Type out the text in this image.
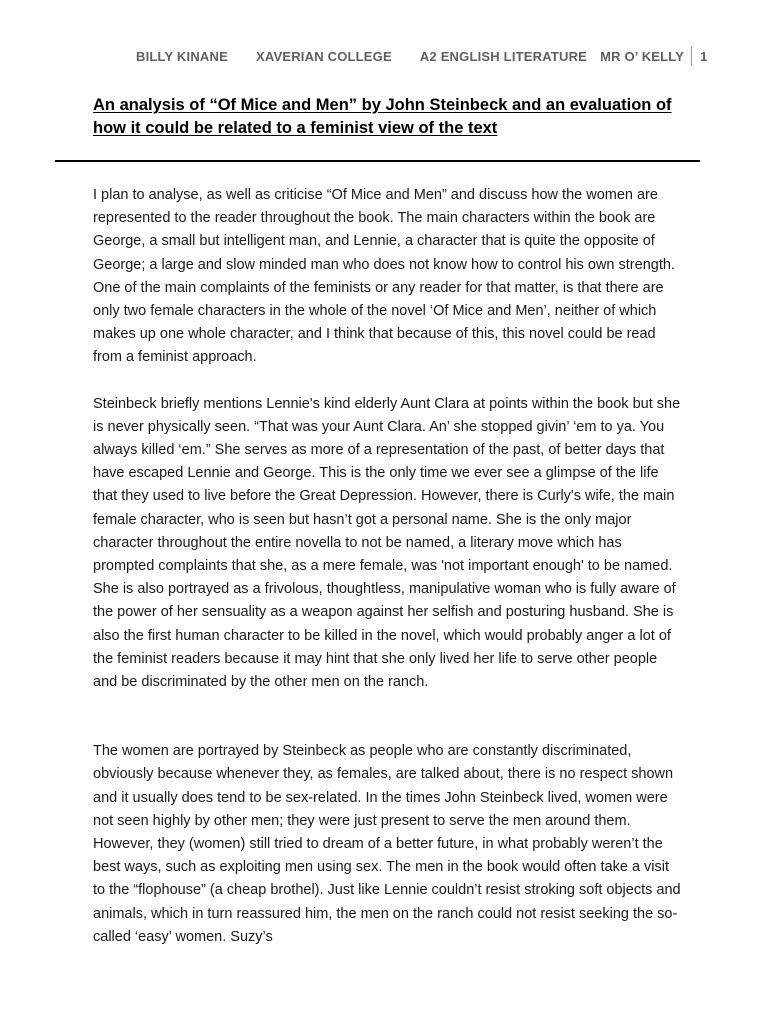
BILLY KINANE XAVERIAN COLLEGE A2 ENGLISH LITERATURE MR O’ KELLY 1
An analysis of “Of Mice and Men” by John Steinbeck and an evaluation of how it could be related to a feminist view of the text

I plan to analyse, as well as criticise “Of Mice and Men” and discuss how the women are represented to the reader throughout the book. The main characters within the book are George, a small but intelligent man, and Lennie, a character that is quite the opposite of George; a large and slow minded man who does not know how to control his own strength.

One of the main complaints of the feminists or any reader for that matter, is that there are only two female characters in the whole of the novel ‘Of Mice and Men’, neither of which makes up one whole character, and I think that because of this, this novel could be read from a feminist approach.

Steinbeck briefly mentions Lennie's kind elderly Aunt Clara at points within the book but she is never physically seen. “That was your Aunt Clara. An’ she stopped givin’ ‘em to ya. You always killed ‘em.” She serves as more of a representation of the past, of better days that have escaped Lennie and George. This is the only time we ever see a glimpse of the life that they used to live before the Great Depression. However, there is Curly's wife, the main female character, who is seen but hasn’t got a personal name. She is the only major character throughout the entire novella to not be named, a literary move which has prompted complaints that she, as a mere female, was 'not important enough' to be named. She is also portrayed as a frivolous, thoughtless, manipulative woman who is fully aware of the power of her sensuality as a weapon against her selfish and posturing husband. She is also the first human character to be killed in the novel, which would probably anger a lot of the feminist readers because it may hint that she only lived her life to serve other people and be discriminated by the other men on the ranch.

The women are portrayed by Steinbeck as people who are constantly discriminated, obviously because whenever they, as females, are talked about, there is no respect shown and it usually does tend to be sex-related. In the times John Steinbeck lived, women were not seen highly by other men; they were just present to serve the men around them. However, they (women) still tried to dream of a better future, in what probably weren’t the best ways, such as exploiting men using sex. The men in the book would often take a visit to the “flophouse” (a cheap brothel). Just like Lennie couldn’t resist stroking soft objects and animals, which in turn reassured him, the men on the ranch could not resist seeking the so-called ‘easy’ women. Suzy’s
